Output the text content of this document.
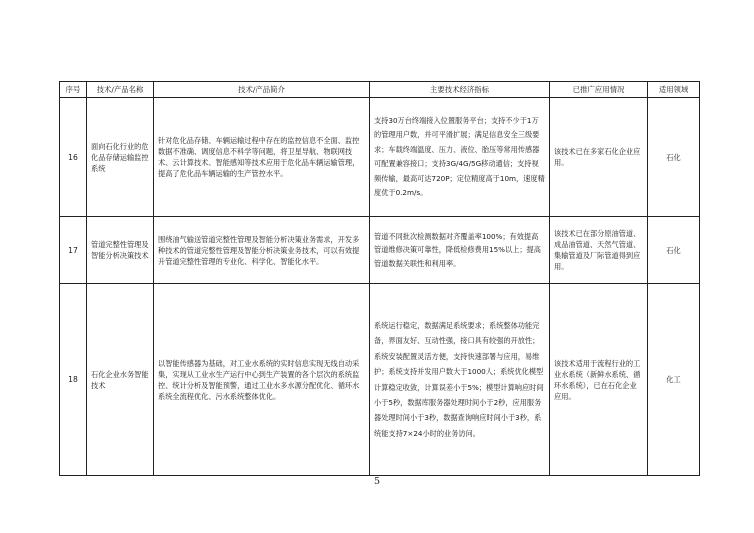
序号	技术/产品名称	技术/产品简介	主要技术经济指标	已推广应用情况	适用领域
16	面向石化行业的危化品存储运输监控系统	针对危化品存储、车辆运输过程中存在的监控信息不全面、监控数据不准确、调度信息不科学等问题，将卫星导航、物联网技术、云计算技术、智能感知等技术应用于危化品车辆运输管理，提高了危化品车辆运输的生产管控水平。	支持30万台终端接入位置服务平台；支持不少于1万的管理用户数，并可平滑扩展；满足信息安全三级要求；车载终端温度、压力、液位、胎压等常用传感器可配置兼容接口；支持3G/4G/5G移动通信；支持视频传输，最高可达720P；定位精度高于10m，速度精度优于0.2m/s。	该技术已在多家石化企业应用。	石化
17	管道完整性管理及智能分析决策技术	围绕油气输送管道完整性管理及智能分析决策业务需求，开发多种技术的管道完整性管理及智能分析决策业务技术，可以有效提升管道完整性管理的专业化、科学化、智能化水平。	管道不同批次检测数据对齐覆盖率100%；有效提高管道维修决策可靠性，降低检修费用15%以上；提高管道数据关联性和利用率。	该技术已在部分原油管道、成品油管道、天然气管道、集输管道及厂际管道得到应用。	石化
18	石化企业水务智能技术	以智能传感器为基础，对工业水系统的实时信息实现无线自动采集，实现从工业水生产运行中心到生产装置的各个层次的系统监控、统计分析及智能预警，通过工业水多水源分配优化、循环水系统全流程优化、污水系统整体优化。	系统运行稳定，数据满足系统要求；系统整体功能完备，界面友好、互动性强，接口具有较强的开放性；系统安装配置灵活方便，支持快速部署与应用，易维护；系统支持并发用户数大于1000人；系统优化模型计算稳定收敛，计算误差小于5%；模型计算响应时间小于5秒，数据库服务器处理时间小于2秒，应用服务器处理时间小于3秒，数据查询响应时间小于3秒，系统能支持7×24小时的业务访问。	该技术适用于流程行业的工业水系统（新鲜水系统、循环水系统），已在石化企业应用。	化工
5
